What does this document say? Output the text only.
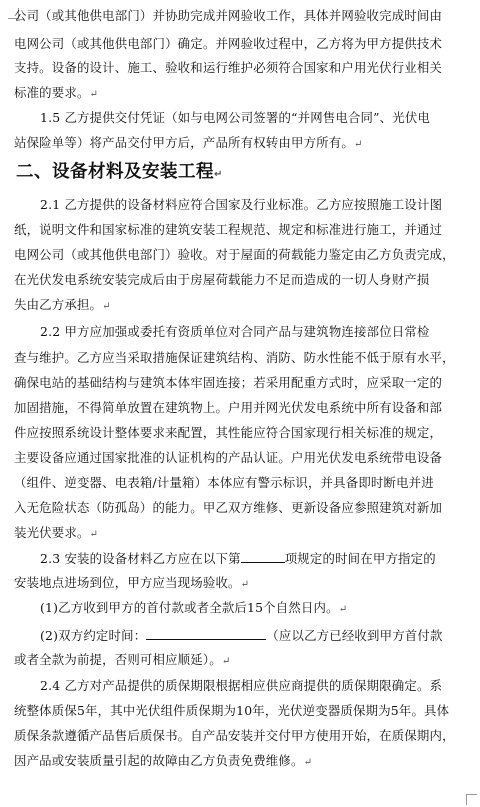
公司（或其他供电部门）并协助完成并网验收工作，具体并网验收完成时间由
电网公司（或其他供电部门）确定。并网验收过程中，乙方将为甲方提供技术
支持。设备的设计、施工、验收和运行维护必须符合国家和户用光伏行业相关
标准的要求。↵
1.5 乙方提供交付凭证（如与电网公司签署的“并网售电合同”、光伏电
站保险单等）将产品交付甲方后，产品所有权转由甲方所有。↵
二、设备材料及安装工程↵
2.1 乙方提供的设备材料应符合国家及行业标准。乙方应按照施工设计图
纸，说明文件和国家标准的建筑安装工程规范、规定和标准进行施工，并通过
电网公司（或其他供电部门）验收。对于屋面的荷载能力鉴定由乙方负责完成，
在光伏发电系统安装完成后由于房屋荷载能力不足而造成的一切人身财产损
失由乙方承担。↵
2.2 甲方应加强或委托有资质单位对合同产品与建筑物连接部位日常检
查与维护。乙方应当采取措施保证建筑结构、消防、防水性能不低于原有水平，
确保电站的基础结构与建筑本体牢固连接；若采用配重方式时，应采取一定的
加固措施，不得简单放置在建筑物上。户用并网光伏发电系统中所有设备和部
件应按照系统设计整体要求来配置，其性能应符合国家现行相关标准的规定，
主要设备应通过国家批准的认证机构的产品认证。户用光伏发电系统带电设备
（组件、逆变器、电表箱/计量箱）本体应有警示标识，并具备即时断电并进
入无危险状态（防孤岛）的能力。甲乙双方维修、更新设备应参照建筑对新加
装光伏要求。↵
2.3 安装的设备材料乙方应在以下第	项规定的时间在甲方指定的
安装地点进场到位，甲方应当现场验收。↵
(1)乙方收到甲方的首付款或者全款后15个自然日内。↵
(2)双方约定时间：	（应以乙方已经收到甲方首付款
或者全款为前提，否则可相应顺延）。↵
2.4 乙方对产品提供的质保期限根据相应供应商提供的质保期限确定。系
统整体质保5年，其中光伏组件质保期为10年，光伏逆变器质保期为5年。具体
质保条款遵循产品售后质保书。自产品安装并交付甲方使用开始，在质保期内，
因产品或安装质量引起的故障由乙方负责免费维修。↵
